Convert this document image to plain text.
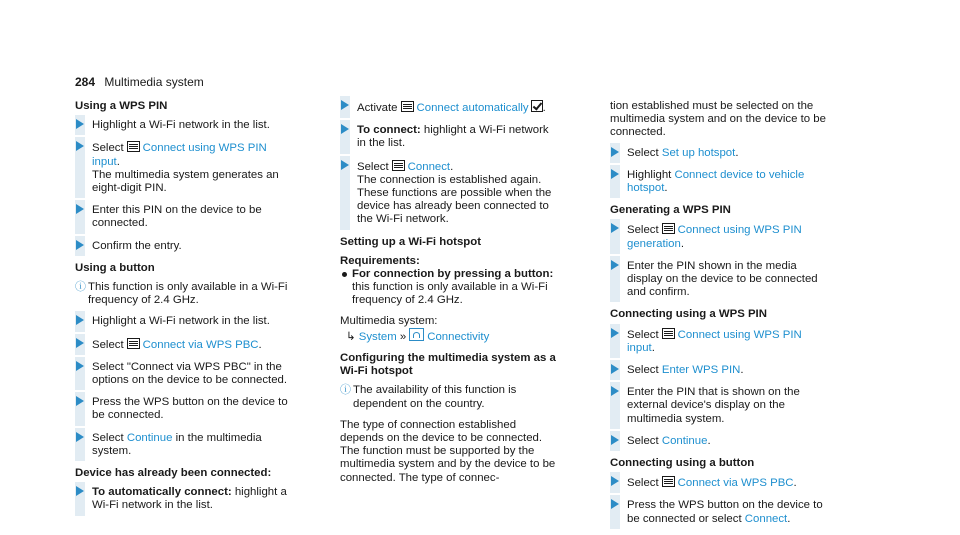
284 Multimedia system
Using a WPS PIN
Highlight a Wi-Fi network in the list.
Select Connect using WPS PIN input.
The multimedia system generates an eight-digit PIN.
Enter this PIN on the device to be connected.
Confirm the entry.
Using a button
ⓘ This function is only available in a Wi-Fi frequency of 2.4 GHz.
Highlight a Wi-Fi network in the list.
Select Connect via WPS PBC.
Select "Connect via WPS PBC" in the options on the device to be connected.
Press the WPS button on the device to be connected.
Select Continue in the multimedia system.
Device has already been connected:
To automatically connect: highlight a Wi-Fi network in the list.
Activate Connect automatically .
To connect: highlight a Wi-Fi network in the list.
Select Connect.
The connection is established again. These functions are possible when the device has already been connected to the Wi-Fi network.
Setting up a Wi-Fi hotspot
Requirements:
For connection by pressing a button: this function is only available in a Wi-Fi frequency of 2.4 GHz.
Multimedia system:
↳ System » Connectivity
Configuring the multimedia system as a Wi-Fi hotspot
ⓘ The availability of this function is dependent on the country.
The type of connection established depends on the device to be connected. The function must be supported by the multimedia system and by the device to be connected. The type of connec-
tion established must be selected on the multimedia system and on the device to be connected.
Select Set up hotspot.
Highlight Connect device to vehicle hotspot.
Generating a WPS PIN
Select Connect using WPS PIN generation.
Enter the PIN shown in the media display on the device to be connected and confirm.
Connecting using a WPS PIN
Select Connect using WPS PIN input.
Select Enter WPS PIN.
Enter the PIN that is shown on the external device's display on the multimedia system.
Select Continue.
Connecting using a button
Select Connect via WPS PBC.
Press the WPS button on the device to be connected or select Connect.
